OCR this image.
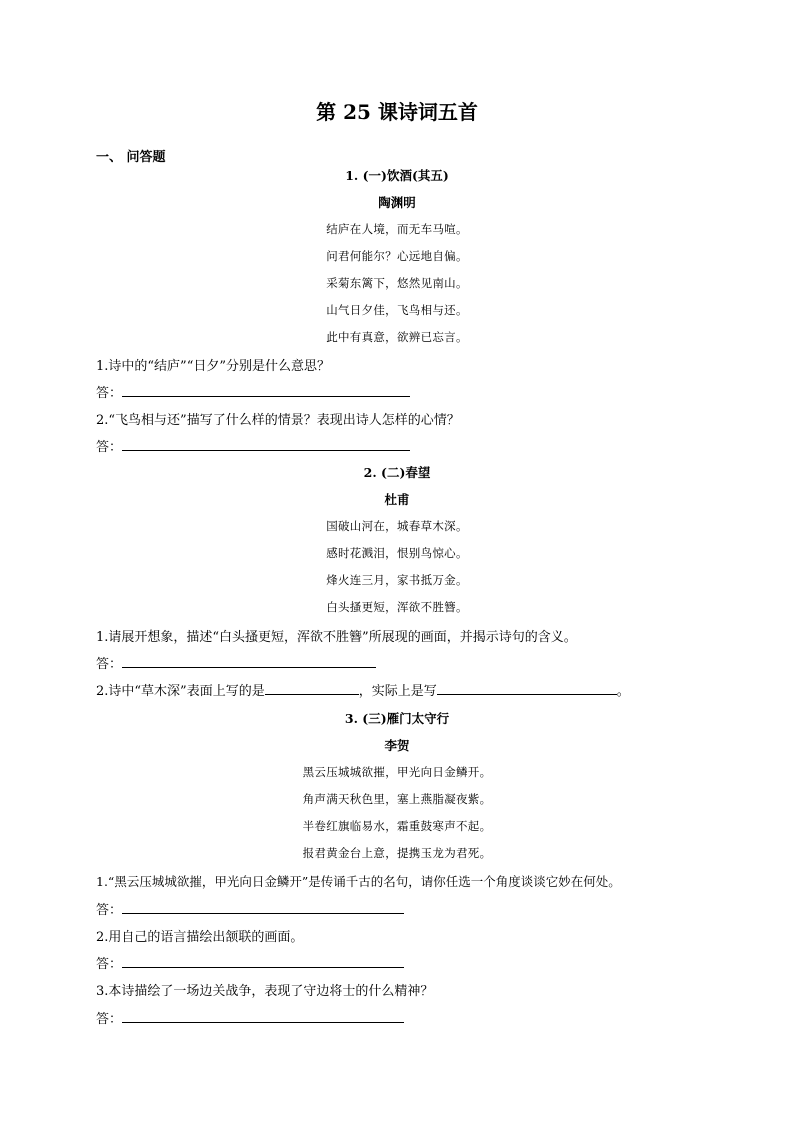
第 25 课诗词五首
一、 问答题
1. (一)饮酒(其五)
陶渊明
结庐在人境，而无车马喧。
问君何能尔？心远地自偏。
采菊东篱下，悠然见南山。
山气日夕佳，飞鸟相与还。
此中有真意，欲辨已忘言。
1.诗中的“结庐”“日夕”分别是什么意思？
答：
2.“飞鸟相与还”描写了什么样的情景？表现出诗人怎样的心情？
答：
2. (二)春望
杜甫
国破山河在，城春草木深。
感时花溅泪，恨别鸟惊心。
烽火连三月，家书抵万金。
白头搔更短，浑欲不胜簪。
1.请展开想象，描述“白头搔更短，浑欲不胜簪”所展现的画面，并揭示诗句的含义。
答：
2.诗中“草木深”表面上写的是	，实际上是写	。
3. (三)雁门太守行
李贺
黑云压城城欲摧，甲光向日金鳞开。
角声满天秋色里，塞上燕脂凝夜紫。
半卷红旗临易水，霜重鼓寒声不起。
报君黄金台上意，提携玉龙为君死。
1.“黑云压城城欲摧，甲光向日金鳞开”是传诵千古的名句，请你任选一个角度谈谈它妙在何处。
答：
2.用自己的语言描绘出颔联的画面。
答：
3.本诗描绘了一场边关战争，表现了守边将士的什么精神？
答：
